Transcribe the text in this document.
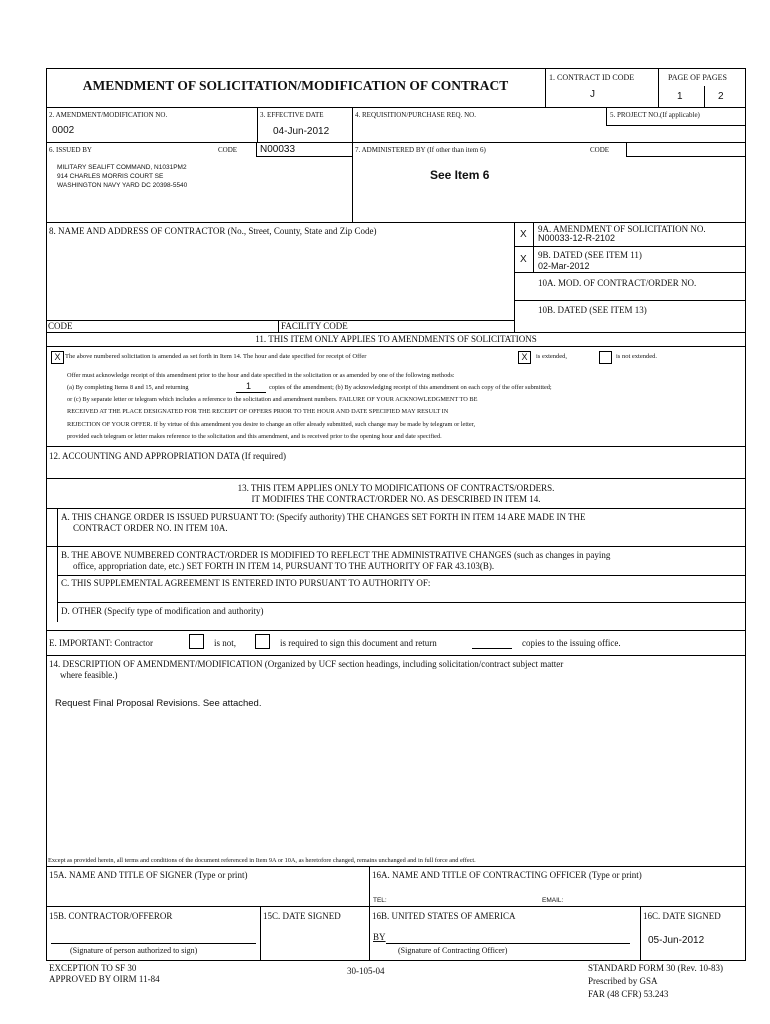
AMENDMENT OF SOLICITATION/MODIFICATION OF CONTRACT
1. CONTRACT ID CODE
J
PAGE OF PAGES
1	2
2. AMENDMENT/MODIFICATION NO.
0002
3. EFFECTIVE DATE
04-Jun-2012
4. REQUISITION/PURCHASE REQ. NO.	5. PROJECT NO.(If applicable)
6. ISSUED BY	CODE N00033
MILITARY SEALIFT COMMAND, N1031PM2
914 CHARLES MORRIS COURT SE
WASHINGTON NAVY YARD DC 20398-5540
7. ADMINISTERED BY (If other than item 6)	CODE
See Item 6
8. NAME AND ADDRESS OF CONTRACTOR (No., Street, County, State and Zip Code)	X 9A. AMENDMENT OF SOLICITATION NO.
N00033-12-R-2102
X 9B. DATED (SEE ITEM 11)
02-Mar-2012
10A. MOD. OF CONTRACT/ORDER NO.
10B. DATED (SEE ITEM 13)
CODE	FACILITY CODE
11. THIS ITEM ONLY APPLIES TO AMENDMENTS OF SOLICITATIONS
X The above numbered solicitation is amended as set forth in Item 14. The hour and date specified for receipt of Offer	X	is extended,	is not extended.
Offer must acknowledge receipt of this amendment prior to the hour and date specified in the solicitation or as amended by one of the following methods:
(a) By completing Items 8 and 15, and returning	1	copies of the amendment; (b) By acknowledging receipt of this amendment on each copy of the offer submitted;
or (c) By separate letter or telegram which includes a reference to the solicitation and amendment numbers. FAILURE OF YOUR ACKNOWLEDGMENT TO BE
RECEIVED AT THE PLACE DESIGNATED FOR THE RECEIPT OF OFFERS PRIOR TO THE HOUR AND DATE SPECIFIED MAY RESULT IN
REJECTION OF YOUR OFFER. If by virtue of this amendment you desire to change an offer already submitted, such change may be made by telegram or letter,
provided each telegram or letter makes reference to the solicitation and this amendment, and is received prior to the opening hour and date specified.
12. ACCOUNTING AND APPROPRIATION DATA (If required)
13. THIS ITEM APPLIES ONLY TO MODIFICATIONS OF CONTRACTS/ORDERS.
IT MODIFIES THE CONTRACT/ORDER NO. AS DESCRIBED IN ITEM 14.
A. THIS CHANGE ORDER IS ISSUED PURSUANT TO: (Specify authority) THE CHANGES SET FORTH IN ITEM 14 ARE MADE IN THE
CONTRACT ORDER NO. IN ITEM 10A.
B. THE ABOVE NUMBERED CONTRACT/ORDER IS MODIFIED TO REFLECT THE ADMINISTRATIVE CHANGES (such as changes in paying
office, appropriation date, etc.) SET FORTH IN ITEM 14, PURSUANT TO THE AUTHORITY OF FAR 43.103(B).
C. THIS SUPPLEMENTAL AGREEMENT IS ENTERED INTO PURSUANT TO AUTHORITY OF:
D. OTHER (Specify type of modification and authority)
E. IMPORTANT: Contractor	is not,	is required to sign this document and return	copies to the issuing office.
14. DESCRIPTION OF AMENDMENT/MODIFICATION (Organized by UCF section headings, including solicitation/contract subject matter
where feasible.)
Request Final Proposal Revisions. See attached.
Except as provided herein, all terms and conditions of the document referenced in Item 9A or 10A, as heretofore changed, remains unchanged and in full force and effect.
15A. NAME AND TITLE OF SIGNER (Type or print)	16A. NAME AND TITLE OF CONTRACTING OFFICER (Type or print)
TEL:	EMAIL:
15B. CONTRACTOR/OFFEROR
(Signature of person authorized to sign)
15C. DATE SIGNED	16B. UNITED STATES OF AMERICA
BY
(Signature of Contracting Officer)
16C. DATE SIGNED
05-Jun-2012
EXCEPTION TO SF 30
APPROVED BY OIRM 11-84
30-105-04	STANDARD FORM 30 (Rev. 10-83)
Prescribed by GSA
FAR (48 CFR) 53.243
